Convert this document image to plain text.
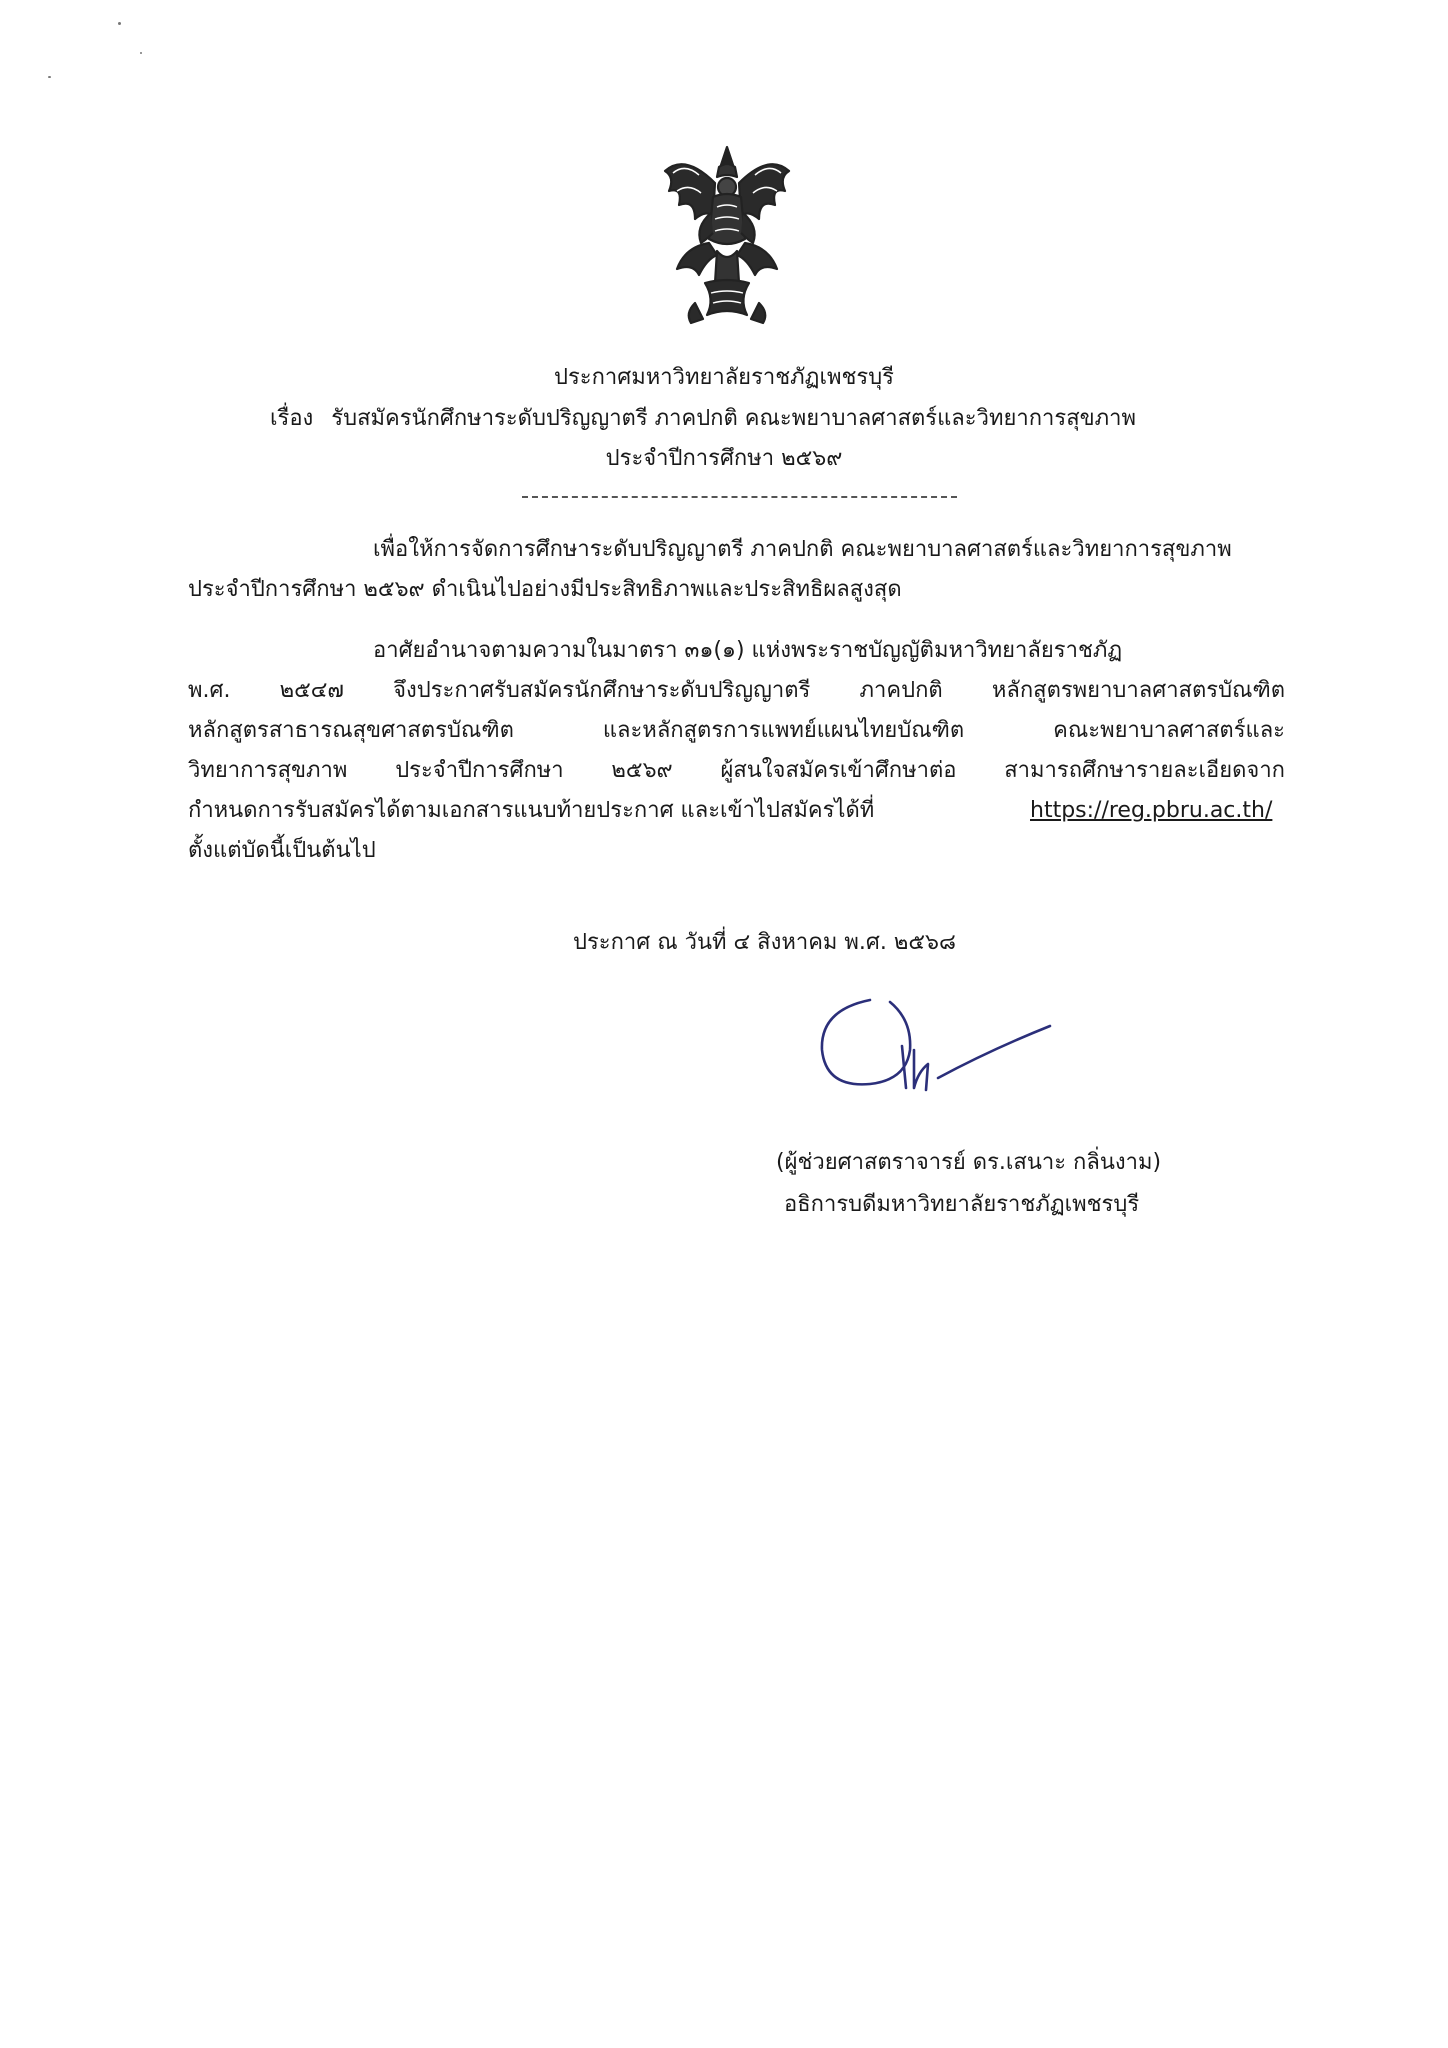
ประกาศมหาวิทยาลัยราชภัฏเพชรบุรี
เรื่อง รับสมัครนักศึกษาระดับปริญญาตรี ภาคปกติ คณะพยาบาลศาสตร์และวิทยาการสุขภาพ
ประจำปีการศึกษา ๒๕๖๙
เพื่อให้การจัดการศึกษาระดับปริญญาตรี ภาคปกติ คณะพยาบาลศาสตร์และวิทยาการสุขภาพ
ประจำปีการศึกษา ๒๕๖๙ ดำเนินไปอย่างมีประสิทธิภาพและประสิทธิผลสูงสุด
อาศัยอำนาจตามความในมาตรา ๓๑(๑) แห่งพระราชบัญญัติมหาวิทยาลัยราชภัฏ
พ.ศ. ๒๕๔๗ จึงประกาศรับสมัครนักศึกษาระดับปริญญาตรี ภาคปกติ หลักสูตรพยาบาลศาสตรบัณฑิต
หลักสูตรสาธารณสุขศาสตรบัณฑิต และหลักสูตรการแพทย์แผนไทยบัณฑิต คณะพยาบาลศาสตร์และ
วิทยาการสุขภาพ ประจำปีการศึกษา ๒๕๖๙ ผู้สนใจสมัครเข้าศึกษาต่อ สามารถศึกษารายละเอียดจาก
กำหนดการรับสมัครได้ตามเอกสารแนบท้ายประกาศ และเข้าไปสมัครได้ที่	https://reg.pbru.ac.th/
ตั้งแต่บัดนี้เป็นต้นไป
ประกาศ ณ วันที่ ๔ สิงหาคม พ.ศ. ๒๕๖๘
(ผู้ช่วยศาสตราจารย์ ดร.เสนาะ กลิ่นงาม)
อธิการบดีมหาวิทยาลัยราชภัฏเพชรบุรี
